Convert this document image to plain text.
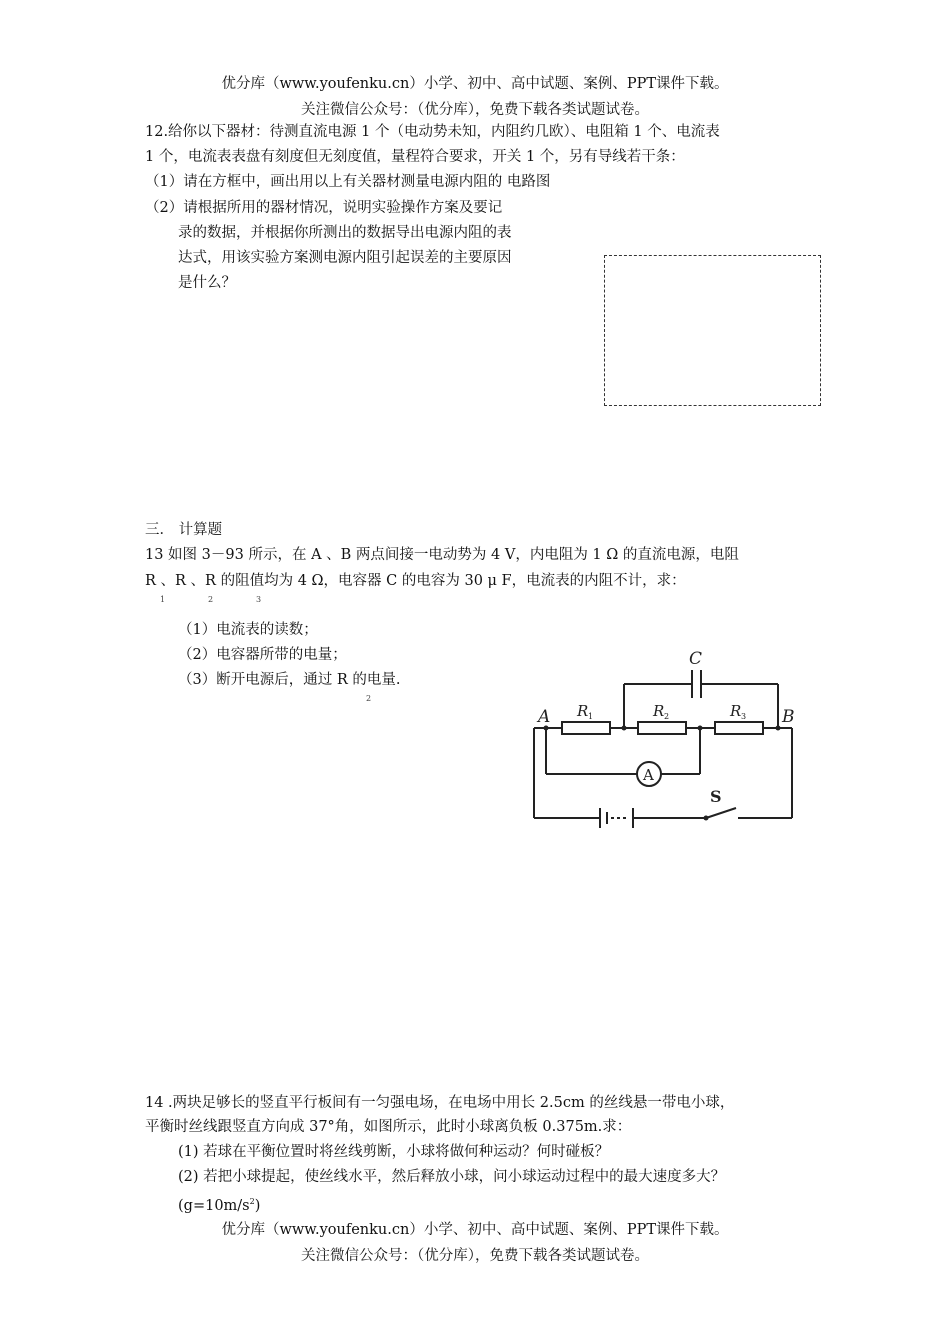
优分库（www.youfenku.cn）小学、初中、高中试题、案例、PPT课件下载。
关注微信公众号：（优分库），免费下载各类试题试卷。
12.给你以下器材：待测直流电源 1 个（电动势未知，内阻约几欧）、电阻箱 1 个、电流表
1 个，电流表表盘有刻度但无刻度值，量程符合要求，开关 1 个，另有导线若干条：
（1）请在方框中，画出用以上有关器材测量电源内阻的 电路图
（2）请根据所用的器材情况，说明实验操作方案及要记
录的数据，并根据你所测出的数据导出电源内阻的表
达式，用该实验方案测电源内阻引起误差的主要原因
是什么？
三． 计算题
13 如图 3－93 所示，在 A 、B 两点间接一电动势为 4 V，内电阻为 1 Ω 的直流电源，电阻
R 、R 、R 的阻值均为 4 Ω，电容器 C 的电容为 30 μ F，电流表的内阻不计，求：
1	2	3
（1）电流表的读数；
（2）电容器所带的电量；
（3）断开电源后，通过 R 的电量.
2
C
A	B
R 1	R 2	R 3
A
S
14 .两块足够长的竖直平行板间有一匀强电场，在电场中用长 2.5cm 的丝线悬一带电小球，
平衡时丝线跟竖直方向成 37°角，如图所示，此时小球离负板 0.375m.求：
(1) 若球在平衡位置时将丝线剪断，小球将做何种运动？何时碰板？
(2) 若把小球提起，使丝线水平，然后释放小球，问小球运动过程中的最大速度多大？
$(g=10m/s^2)$
优分库（www.youfenku.cn）小学、初中、高中试题、案例、PPT课件下载。
关注微信公众号：（优分库），免费下载各类试题试卷。
